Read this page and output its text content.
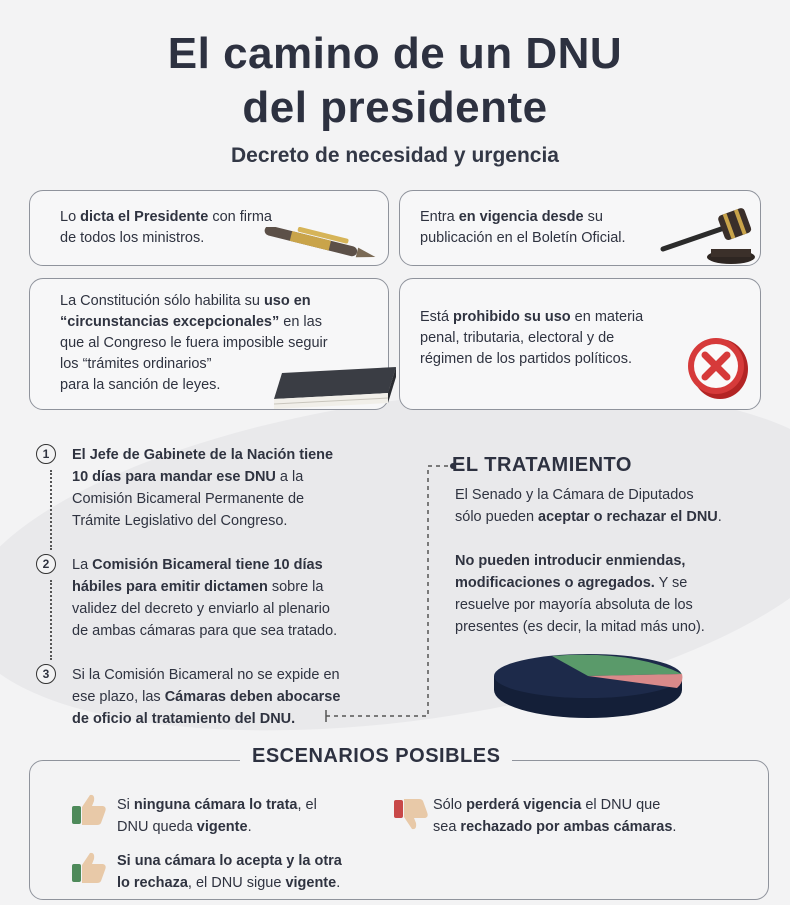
El camino de un DNU
del presidente
Decreto de necesidad y urgencia

Lo dicta el Presidente con firma

de todos los ministros.

Entra en vigencia desde su

publicación en el Boletín Oficial.

La Constitución sólo habilita su uso en

“circunstancias excepcionales” en las

que al Congreso le fuera imposible seguir

los “trámites ordinarios”

para la sanción de leyes.

Está prohibido su uso en materia

penal, tributaria, electoral y de

régimen de los partidos políticos.

1	El Jefe de Gabinete de la Nación tiene
10 días para mandar ese DNU a la
Comisión Bicameral Permanente de
Trámite Legislativo del Congreso.
2	La Comisión Bicameral tiene 10 días
hábiles para emitir dictamen sobre la
validez del decreto y enviarlo al plenario
de ambas cámaras para que sea tratado.
3	Si la Comisión Bicameral no se expide en
ese plazo, las Cámaras deben abocarse
de oficio al tratamiento del DNU.
EL TRATAMIENTO
El Senado y la Cámara de Diputados
sólo pueden aceptar o rechazar el DNU.
No pueden introducir enmiendas,
modificaciones o agregados. Y se
resuelve por mayoría absoluta de los
presentes (es decir, la mitad más uno).
ESCENARIOS POSIBLES
Si ninguna cámara lo trata, el
DNU queda vigente.
Si una cámara lo acepta y la otra
lo rechaza, el DNU sigue vigente.
Sólo perderá vigencia el DNU que
sea rechazado por ambas cámaras.
